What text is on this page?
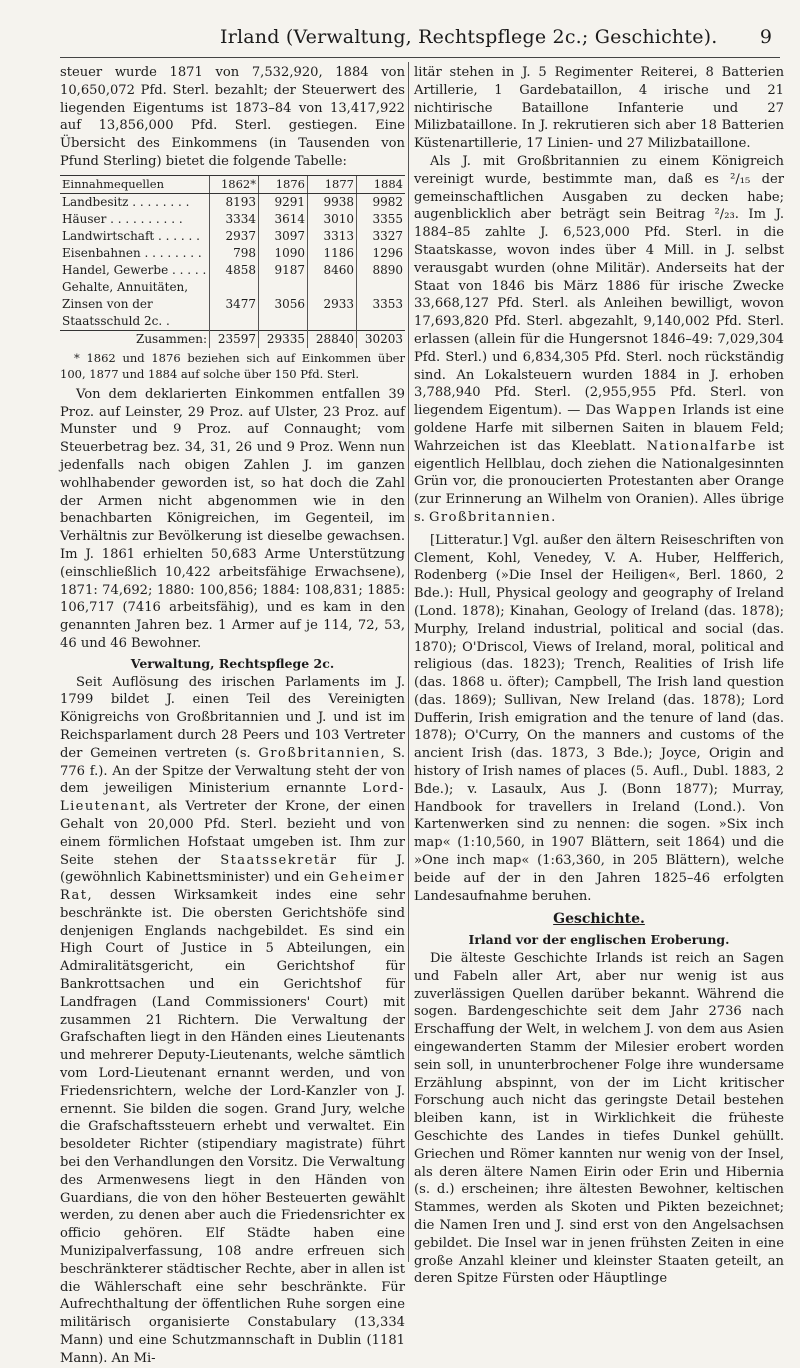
Irland (Verwaltung, Rechtspflege 2c.; Geschichte). 9

steuer wurde 1871 von 7,532,920, 1884 von 10,650,072 Pfd. Sterl. bezahlt; der Steuerwert des liegenden Eigentums ist 1873–84 von 13,417,922 auf 13,856,000 Pfd. Sterl. gestiegen. Eine Übersicht des Einkommens (in Tausenden von Pfund Sterling) bietet die folgende Tabelle:

Einnahmequellen	1862*	1876	1877	1884
Landbesitz . . . . . . . .	8193	9291	9938	9982
Häuser . . . . . . . . . .	3334	3614	3010	3355
Landwirtschaft . . . . . .	2937	3097	3313	3327
Eisenbahnen . . . . . . . .	798	1090	1186	1296
Handel, Gewerbe . . . . .	4858	9187	8460	8890
Gehalte, Annuitäten, Zinsen von der Staatsschuld 2c. .	3477	3056	2933	3353
Zusammen:	23597	29335	28840	30203

* 1862 und 1876 beziehen sich auf Einkommen über 100, 1877 und 1884 auf solche über 150 Pfd. Sterl.

Von dem deklarierten Einkommen entfallen 39 Proz. auf Leinster, 29 Proz. auf Ulster, 23 Proz. auf Munster und 9 Proz. auf Connaught; vom Steuerbetrag bez. 34, 31, 26 und 9 Proz. Wenn nun jedenfalls nach obigen Zahlen J. im ganzen wohlhabender geworden ist, so hat doch die Zahl der Armen nicht abgenommen wie in den benachbarten Königreichen, im Gegenteil, im Verhältnis zur Bevölkerung ist dieselbe gewachsen. Im J. 1861 erhielten 50,683 Arme Unterstützung (einschließlich 10,422 arbeitsfähige Erwachsene), 1871: 74,692; 1880: 100,856; 1884: 108,831; 1885: 106,717 (7416 arbeitsfähig), und es kam in den genannten Jahren bez. 1 Armer auf je 114, 72, 53, 46 und 46 Bewohner.

Verwaltung, Rechtspflege 2c.

Seit Auflösung des irischen Parlaments im J. 1799 bildet J. einen Teil des Vereinigten Königreichs von Großbritannien und J. und ist im Reichsparlament durch 28 Peers und 103 Vertreter der Gemeinen vertreten (s. Großbritannien, S. 776 f.). An der Spitze der Verwaltung steht der von dem jeweiligen Ministerium ernannte Lord-Lieutenant, als Vertreter der Krone, der einen Gehalt von 20,000 Pfd. Sterl. bezieht und von einem förmlichen Hofstaat umgeben ist. Ihm zur Seite stehen der Staatssekretär für J. (gewöhnlich Kabinettsminister) und ein Geheimer Rat, dessen Wirksamkeit indes eine sehr beschränkte ist. Die obersten Gerichtshöfe sind denjenigen Englands nachgebildet. Es sind ein High Court of Justice in 5 Abteilungen, ein Admiralitätsgericht, ein Gerichtshof für Bankrottsachen und ein Gerichtshof für Landfragen (Land Commissioners' Court) mit zusammen 21 Richtern. Die Verwaltung der Grafschaften liegt in den Händen eines Lieutenants und mehrerer Deputy-Lieutenants, welche sämtlich vom Lord-Lieutenant ernannt werden, und von Friedensrichtern, welche der Lord-Kanzler von J. ernennt. Sie bilden die sogen. Grand Jury, welche die Grafschaftssteuern erhebt und verwaltet. Ein besoldeter Richter (stipendiary magistrate) führt bei den Verhandlungen den Vorsitz. Die Verwaltung des Armenwesens liegt in den Händen von Guardians, die von den höher Besteuerten gewählt werden, zu denen aber auch die Friedensrichter ex officio gehören. Elf Städte haben eine Munizipalverfassung, 108 andre erfreuen sich beschränkterer städtischer Rechte, aber in allen ist die Wählerschaft eine sehr beschränkte. Für Aufrechthaltung der öffentlichen Ruhe sorgen eine militärisch organisierte Constabulary (13,334 Mann) und eine Schutzmannschaft in Dublin (1181 Mann). An Mi-

litär stehen in J. 5 Regimenter Reiterei, 8 Batterien Artillerie, 1 Gardebataillon, 4 irische und 21 nichtirische Bataillone Infanterie und 27 Milizbataillone. In J. rekrutieren sich aber 18 Batterien Küstenartillerie, 17 Linien- und 27 Milizbataillone.

Als J. mit Großbritannien zu einem Königreich vereinigt wurde, bestimmte man, daß es ²/₁₅ der gemeinschaftlichen Ausgaben zu decken habe; augenblicklich aber beträgt sein Beitrag ²/₂₃. Im J. 1884–85 zahlte J. 6,523,000 Pfd. Sterl. in die Staatskasse, wovon indes über 4 Mill. in J. selbst verausgabt wurden (ohne Militär). Anderseits hat der Staat von 1846 bis März 1886 für irische Zwecke 33,668,127 Pfd. Sterl. als Anleihen bewilligt, wovon 17,693,820 Pfd. Sterl. abgezahlt, 9,140,002 Pfd. Sterl. erlassen (allein für die Hungersnot 1846–49: 7,029,304 Pfd. Sterl.) und 6,834,305 Pfd. Sterl. noch rückständig sind. An Lokalsteuern wurden 1884 in J. erhoben 3,788,940 Pfd. Sterl. (2,955,955 Pfd. Sterl. von liegendem Eigentum). — Das Wappen Irlands ist eine goldene Harfe mit silbernen Saiten in blauem Feld; Wahrzeichen ist das Kleeblatt. Nationalfarbe ist eigentlich Hellblau, doch ziehen die Nationalgesinnten Grün vor, die pronoucierten Protestanten aber Orange (zur Erinnerung an Wilhelm von Oranien). Alles übrige s. Großbritannien.

[Litteratur.] Vgl. außer den ältern Reiseschriften von Clement, Kohl, Venedey, V. A. Huber, Helfferich, Rodenberg (»Die Insel der Heiligen«, Berl. 1860, 2 Bde.): Hull, Physical geology and geography of Ireland (Lond. 1878); Kinahan, Geology of Ireland (das. 1878); Murphy, Ireland industrial, political and social (das. 1870); O'Driscol, Views of Ireland, moral, political and religious (das. 1823); Trench, Realities of Irish life (das. 1868 u. öfter); Campbell, The Irish land question (das. 1869); Sullivan, New Ireland (das. 1878); Lord Dufferin, Irish emigration and the tenure of land (das. 1878); O'Curry, On the manners and customs of the ancient Irish (das. 1873, 3 Bde.); Joyce, Origin and history of Irish names of places (5. Aufl., Dubl. 1883, 2 Bde.); v. Lasaulx, Aus J. (Bonn 1877); Murray, Handbook for travellers in Ireland (Lond.). Von Kartenwerken sind zu nennen: die sogen. »Six inch map« (1:10,560, in 1907 Blättern, seit 1864) und die »One inch map« (1:63,360, in 205 Blättern), welche beide auf der in den Jahren 1825–46 erfolgten Landesaufnahme beruhen.

Geschichte.

Irland vor der englischen Eroberung.

Die älteste Geschichte Irlands ist reich an Sagen und Fabeln aller Art, aber nur wenig ist aus zuverlässigen Quellen darüber bekannt. Während die sogen. Bardengeschichte seit dem Jahr 2736 nach Erschaffung der Welt, in welchem J. von dem aus Asien eingewanderten Stamm der Milesier erobert worden sein soll, in ununterbrochener Folge ihre wundersame Erzählung abspinnt, von der im Licht kritischer Forschung auch nicht das geringste Detail bestehen bleiben kann, ist in Wirklichkeit die früheste Geschichte des Landes in tiefes Dunkel gehüllt. Griechen und Römer kannten nur wenig von der Insel, als deren ältere Namen Eirin oder Erin und Hibernia (s. d.) erscheinen; ihre ältesten Bewohner, keltischen Stammes, werden als Skoten und Pikten bezeichnet; die Namen Iren und J. sind erst von den Angelsachsen gebildet. Die Insel war in jenen frühsten Zeiten in eine große Anzahl kleiner und kleinster Staaten geteilt, an deren Spitze Fürsten oder Häuptlinge
